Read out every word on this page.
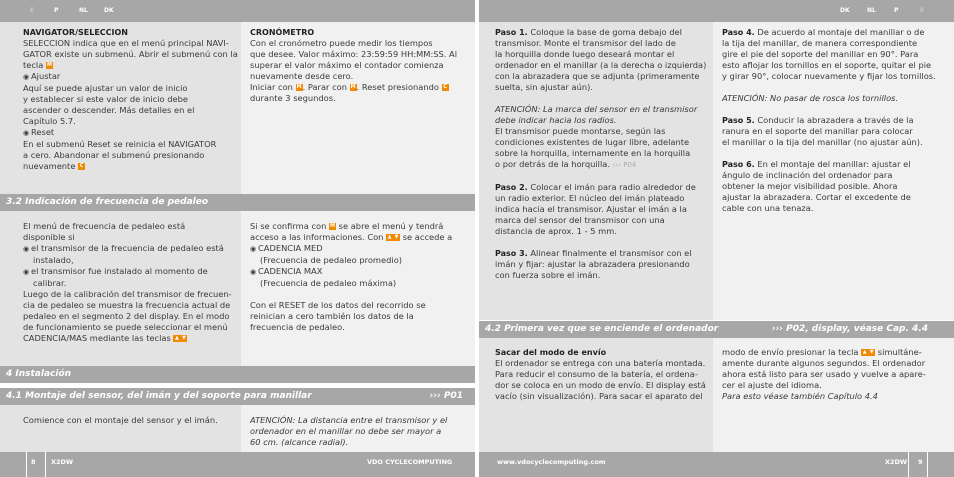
E	P	NL	DK	DK	NL	P	E

NAVIGATOR/SELECCION

SELECCION indica que en el menú principal NAVI-

GATOR existe un submenú. Abrir el submenú con la

tecla M

◉ Ajustar

Aquí se puede ajustar un valor de inicio

y establecer si este valor de inicio debe

ascender o descender. Más detalles en el

Capítulo 5.7.

◉ Reset

En el submenú Reset se reinicia el NAVIGATOR

a cero. Abandonar el submenú presionando

nuevamente C

CRONÓMETRO

Con el cronómetro puede medir los tiempos

que desee. Valor máximo: 23:59:59 HH:MM:SS. Al

superar el valor máximo el contador comienza

nuevamente desde cero.

Iniciar con M. Parar con M. Reset presionando C

durante 3 segundos.

3.2 Indicación de frecuencia de pedaleo

El menú de frecuencia de pedaleo está

disponible si

◉ el transmisor de la frecuencia de pedaleo está

instalado,

◉ el transmisor fue instalado al momento de

calibrar.

Luego de la calibración del transmisor de frecuen-

cia de pedaleo se muestra la frecuencia actual de

pedaleo en el segmento 2 del display. En el modo

de funcionamiento se puede seleccionar el menú

CADENCIA/MAS mediante las teclas ▲ ▼

Si se confirma con M se abre el menú y tendrá

acceso a las informaciones. Con ▲ ▼ se accede a

◉ CADENCIA MED

(Frecuencia de pedaleo promedio)

◉ CADENCIA MAX

(Frecuencia de pedaleo máxima)

Con el RESET de los datos del recorrido se

reinician a cero también los datos de la

frecuencia de pedaleo.

4 Instalación
4.1 Montaje del sensor, del imán y del soporte para manillar	››› P01

Comience con el montaje del sensor y el imán.	ATENCIÓN: La distancia entre el transmisor y el

ordenador en el manillar no debe ser mayor a

60 cm. (alcance radial).

Paso 1. Coloque la base de goma debajo del

transmisor. Monte el transmisor del lado de

la horquilla donde luego deseará montar el

ordenador en el manillar (a la derecha o izquierda)

con la abrazadera que se adjunta (primeramente

suelta, sin ajustar aún).

ATENCIÓN: La marca del sensor en el transmisor

debe indicar hacia los radios.

El transmisor puede montarse, según las

condiciones existentes de lugar libre, adelante

sobre la horquilla, internamente en la horquilla

o por detrás de la horquilla. ››› P04

Paso 2. Colocar el imán para radio alrededor de

un radio exterior. El núcleo del imán plateado

indica hacia el transmisor. Ajustar el imán a la

marca del sensor del transmisor con una

distancia de aprox. 1 - 5 mm.

Paso 3. Alinear finalmente el transmisor con el

imán y fijar: ajustar la abrazadera presionando

con fuerza sobre el imán.

Paso 4. De acuerdo al montaje del manillar o de

la tija del manillar, de manera correspondiente

gire el pie del soporte del manillar en 90°. Para

esto aflojar los tornillos en el soporte, quitar el pie

y girar 90°, colocar nuevamente y fijar los tornillos.

ATENCIÓN: No pasar de rosca los tornillos.

Paso 5. Conducir la abrazadera a través de la

ranura en el soporte del manillar para colocar

el manillar o la tija del manillar (no ajustar aún).

Paso 6. En el montaje del manillar: ajustar el

ángulo de inclinación del ordenador para

obtener la mejor visibilidad posible. Ahora

ajustar la abrazadera. Cortar el excedente de

cable con una tenaza.

4.2 Primera vez que se enciende el ordenador	››› P02, display, véase Cap. 4.4

Sacar del modo de envío

El ordenador se entrega con una batería montada.

Para reducir el consumo de la batería, el ordena-

dor se coloca en un modo de envío. El display está

vacío (sin visualización). Para sacar el aparato del

modo de envío presionar la tecla ▲ ▼ simultáne-

amente durante algunos segundos. El ordenador

ahora está listo para ser usado y vuelve a apare-

cer el ajuste del idioma.

Para esto véase también Capítulo 4.4

8 X2DW	VDO CYCLECOMPUTING	www.vdocyclecomputing.com	X2DW 9
